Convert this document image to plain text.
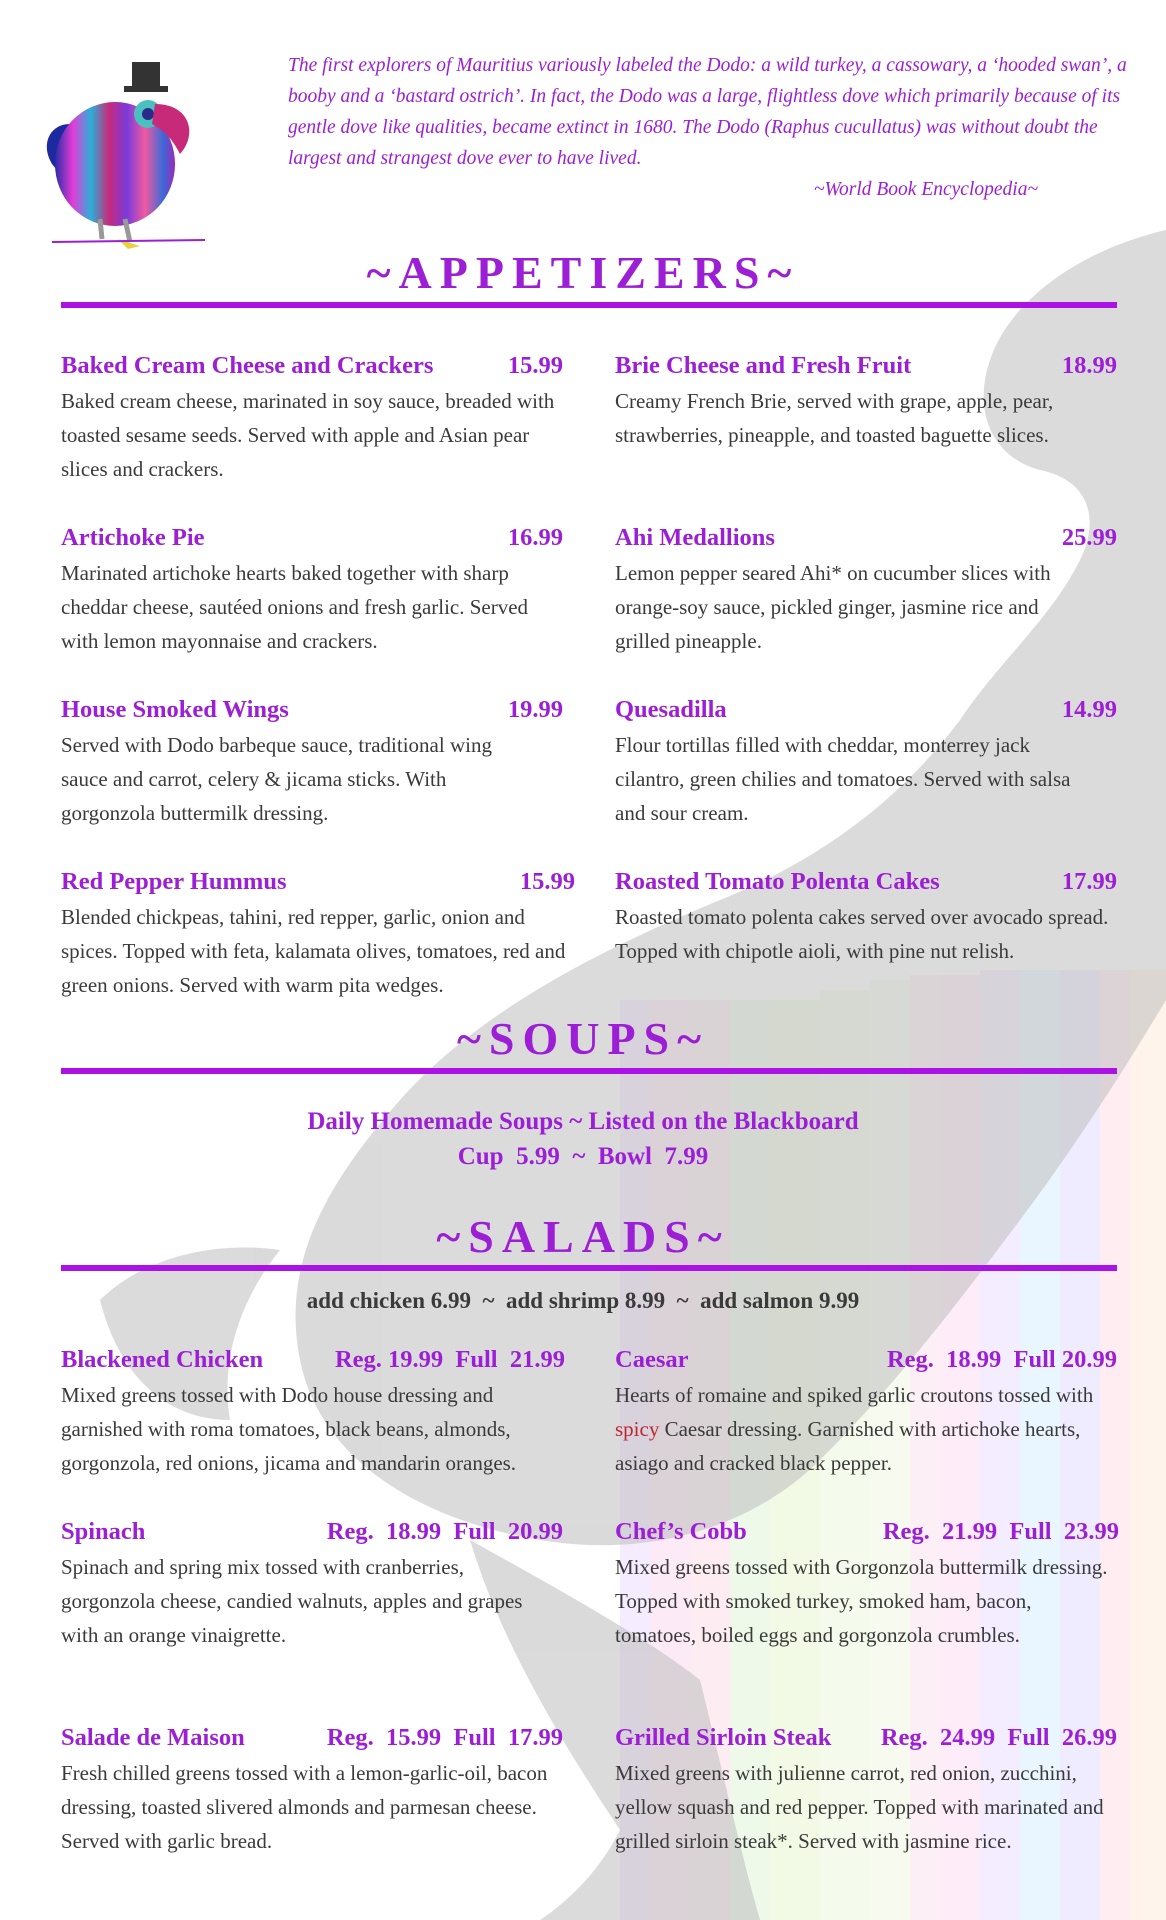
The first explorers of Mauritius variously labeled the Dodo: a wild turkey, a cassowary, a ‘hooded swan’, a booby and a ‘bastard ostrich’. In fact, the Dodo was a large, flightless dove which primarily because of its gentle dove like qualities, became extinct in 1680. The Dodo (Raphus cucullatus) was without doubt the largest and strangest dove ever to have lived.
~World Book Encyclopedia~
~APPETIZERS~
Baked Cream Cheese and Crackers	15.99
Baked cream cheese, marinated in soy sauce, breaded with toasted sesame seeds. Served with apple and Asian pear slices and crackers.
Brie Cheese and Fresh Fruit	18.99
Creamy French Brie, served with grape, apple, pear, strawberries, pineapple, and toasted baguette slices.
Artichoke Pie	16.99
Marinated artichoke hearts baked together with sharp cheddar cheese, sautéed onions and fresh garlic. Served with lemon mayonnaise and crackers.
Ahi Medallions	25.99
Lemon pepper seared Ahi* on cucumber slices with orange-soy sauce, pickled ginger, jasmine rice and grilled pineapple.
House Smoked Wings	19.99
Served with Dodo barbeque sauce, traditional wing sauce and carrot, celery & jicama sticks. With gorgonzola buttermilk dressing.
Quesadilla	14.99
Flour tortillas filled with cheddar, monterrey jack cilantro, green chilies and tomatoes. Served with salsa and sour cream.
Red Pepper Hummus	15.99
Blended chickpeas, tahini, red repper, garlic, onion and spices. Topped with feta, kalamata olives, tomatoes, red and green onions. Served with warm pita wedges.
Roasted Tomato Polenta Cakes	17.99
Roasted tomato polenta cakes served over avocado spread. Topped with chipotle aioli, with pine nut relish.
~SOUPS~
Daily Homemade Soups ~ Listed on the Blackboard
Cup  5.99  ~  Bowl  7.99
~SALADS~
add chicken 6.99  ~  add shrimp 8.99  ~  add salmon 9.99
Blackened Chicken	Reg. 19.99  Full  21.99
Mixed greens tossed with Dodo house dressing and garnished with roma tomatoes, black beans, almonds, gorgonzola, red onions, jicama and mandarin oranges.
Caesar	Reg.  18.99  Full 20.99
Hearts of romaine and spiked garlic croutons tossed with spicy Caesar dressing. Garnished with artichoke hearts, asiago and cracked black pepper.
Spinach	Reg.  18.99  Full  20.99
Spinach and spring mix tossed with cranberries, gorgonzola cheese, candied walnuts, apples and grapes with an orange vinaigrette.
Chef’s Cobb	Reg.  21.99  Full  23.99
Mixed greens tossed with Gorgonzola buttermilk dressing. Topped with smoked turkey, smoked ham, bacon, tomatoes, boiled eggs and gorgonzola crumbles.
Salade de Maison	Reg.  15.99  Full  17.99
Fresh chilled greens tossed with a lemon-garlic-oil, bacon dressing, toasted slivered almonds and parmesan cheese. Served with garlic bread.
Grilled Sirloin Steak Reg.  24.99  Full  26.99
Mixed greens with julienne carrot, red onion, zucchini, yellow squash and red pepper. Topped with marinated and grilled sirloin steak*. Served with jasmine rice.
